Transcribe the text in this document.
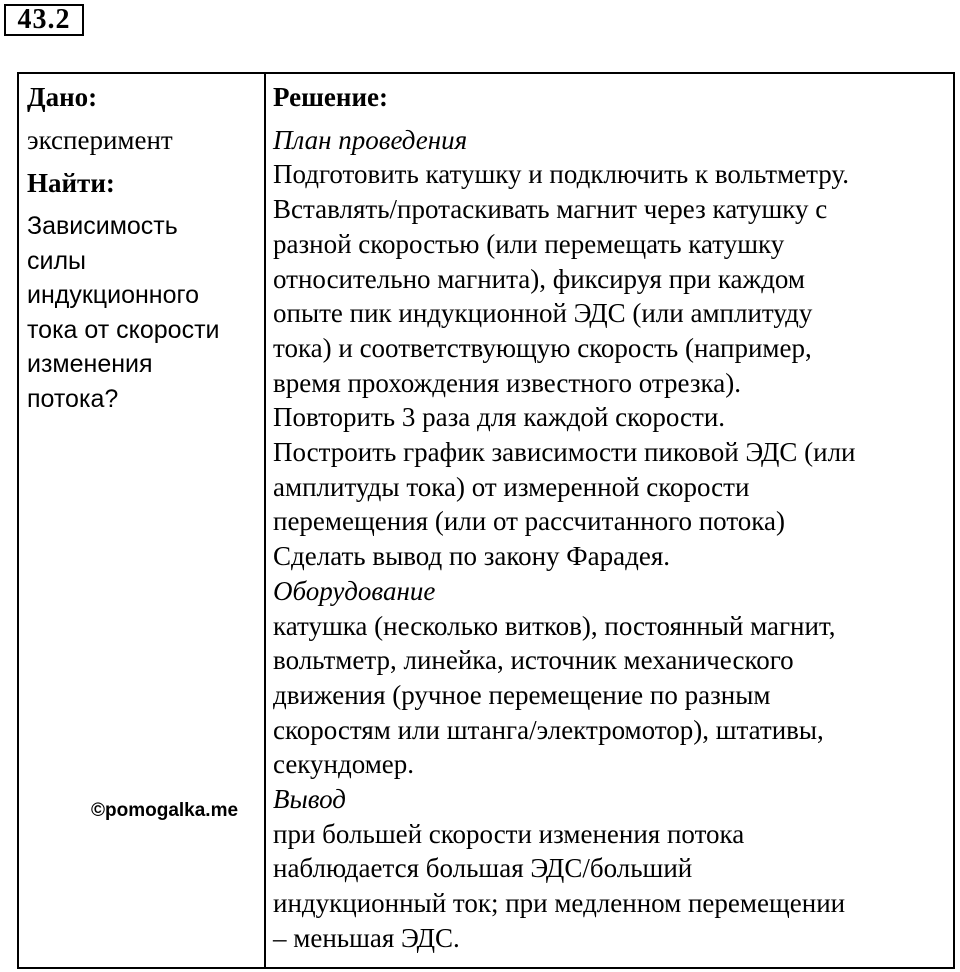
43.2
Дано:
эксперимент
Найти:
Зависимость
силы
индукционного
тока от скорости
изменения
потока?
Решение:
План проведения
Подготовить катушку и подключить к вольтметру.
Вставлять/протаскивать магнит через катушку с
разной скоростью (или перемещать катушку
относительно магнита), фиксируя при каждом
опыте пик индукционной ЭДС (или амплитуду
тока) и соответствующую скорость (например,
время прохождения известного отрезка).
Повторить 3 раза для каждой скорости.
Построить график зависимости пиковой ЭДС (или
амплитуды тока) от измеренной скорости
перемещения (или от рассчитанного потока)
Сделать вывод по закону Фарадея.
Оборудование
катушка (несколько витков), постоянный магнит,
вольтметр, линейка, источник механического
движения (ручное перемещение по разным
скоростям или штанга/электромотор), штативы,
секундомер.
Вывод
при большей скорости изменения потока
наблюдается большая ЭДС/больший
индукционный ток; при медленном перемещении
– меньшая ЭДС.
©pomogalka.me
